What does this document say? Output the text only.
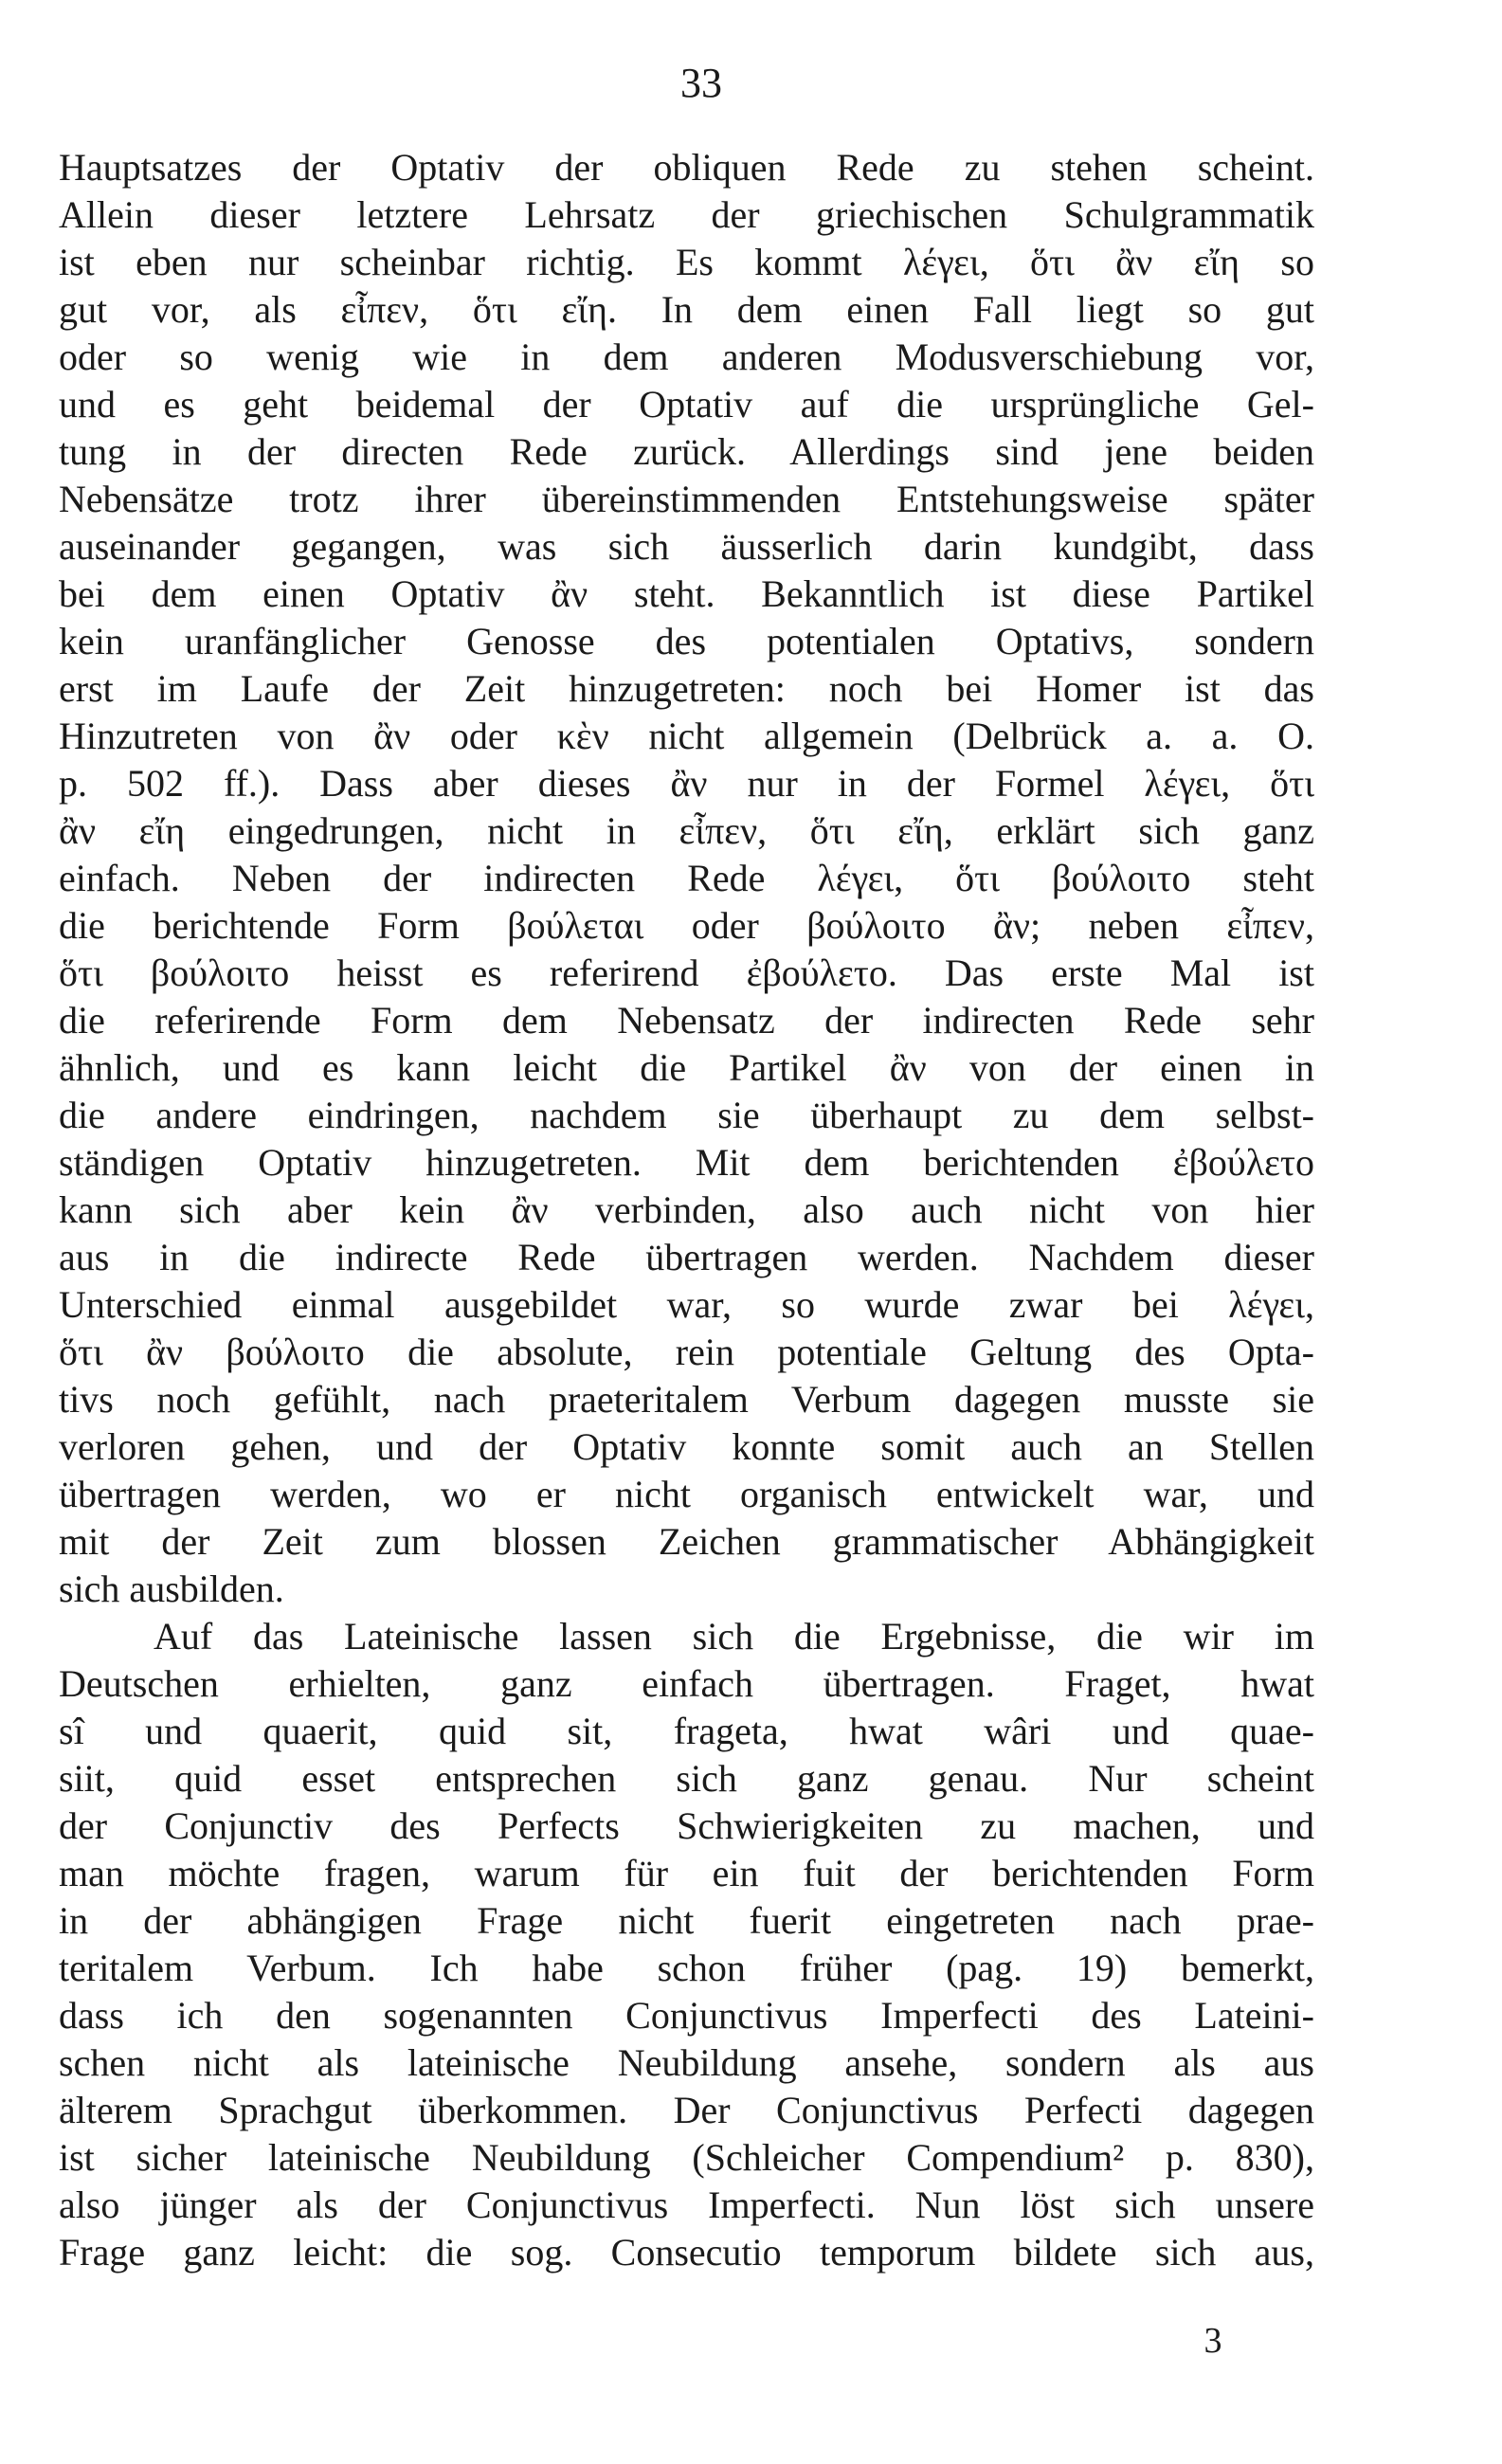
33
Hauptsatzes der Optativ der obliquen Rede zu stehen scheint.
Allein dieser letztere Lehrsatz der griechischen Schulgrammatik
ist eben nur scheinbar richtig. Es kommt λέγει, ὅτι ἂν εἴη so
gut vor, als εἶπεν, ὅτι εἴη. In dem einen Fall liegt so gut
oder so wenig wie in dem anderen Modusverschiebung vor,
und es geht beidemal der Optativ auf die ursprüngliche Gel-
tung in der directen Rede zurück. Allerdings sind jene beiden
Nebensätze trotz ihrer übereinstimmenden Entstehungsweise später
auseinander gegangen, was sich äusserlich darin kundgibt, dass
bei dem einen Optativ ἂν steht. Bekanntlich ist diese Partikel
kein uranfänglicher Genosse des potentialen Optativs, sondern
erst im Laufe der Zeit hinzugetreten: noch bei Homer ist das
Hinzutreten von ἂν oder κὲν nicht allgemein (Delbrück a. a. O.
p. 502 ff.). Dass aber dieses ἂν nur in der Formel λέγει, ὅτι
ἂν εἴη eingedrungen, nicht in εἶπεν, ὅτι εἴη, erklärt sich ganz
einfach. Neben der indirecten Rede λέγει, ὅτι βούλοιτο steht
die berichtende Form βούλεται oder βούλοιτο ἂν; neben εἶπεν,
ὅτι βούλοιτο heisst es referirend ἐβούλετο. Das erste Mal ist
die referirende Form dem Nebensatz der indirecten Rede sehr
ähnlich, und es kann leicht die Partikel ἂν von der einen in
die andere eindringen, nachdem sie überhaupt zu dem selbst-
ständigen Optativ hinzugetreten. Mit dem berichtenden ἐβούλετο
kann sich aber kein ἂν verbinden, also auch nicht von hier
aus in die indirecte Rede übertragen werden. Nachdem dieser
Unterschied einmal ausgebildet war, so wurde zwar bei λέγει,
ὅτι ἂν βούλοιτο die absolute, rein potentiale Geltung des Opta-
tivs noch gefühlt, nach praeteritalem Verbum dagegen musste sie
verloren gehen, und der Optativ konnte somit auch an Stellen
übertragen werden, wo er nicht organisch entwickelt war, und
mit der Zeit zum blossen Zeichen grammatischer Abhängigkeit
sich ausbilden.
Auf das Lateinische lassen sich die Ergebnisse, die wir im
Deutschen erhielten, ganz einfach übertragen. Fraget, hwat
sî und quaerit, quid sit, frageta, hwat wâri und quae-
siit, quid esset entsprechen sich ganz genau. Nur scheint
der Conjunctiv des Perfects Schwierigkeiten zu machen, und
man möchte fragen, warum für ein fuit der berichtenden Form
in der abhängigen Frage nicht fuerit eingetreten nach prae-
teritalem Verbum. Ich habe schon früher (pag. 19) bemerkt,
dass ich den sogenannten Conjunctivus Imperfecti des Lateini-
schen nicht als lateinische Neubildung ansehe, sondern als aus
älterem Sprachgut überkommen. Der Conjunctivus Perfecti dagegen
ist sicher lateinische Neubildung (Schleicher Compendium² p. 830),
also jünger als der Conjunctivus Imperfecti. Nun löst sich unsere
Frage ganz leicht: die sog. Consecutio temporum bildete sich aus,
3
